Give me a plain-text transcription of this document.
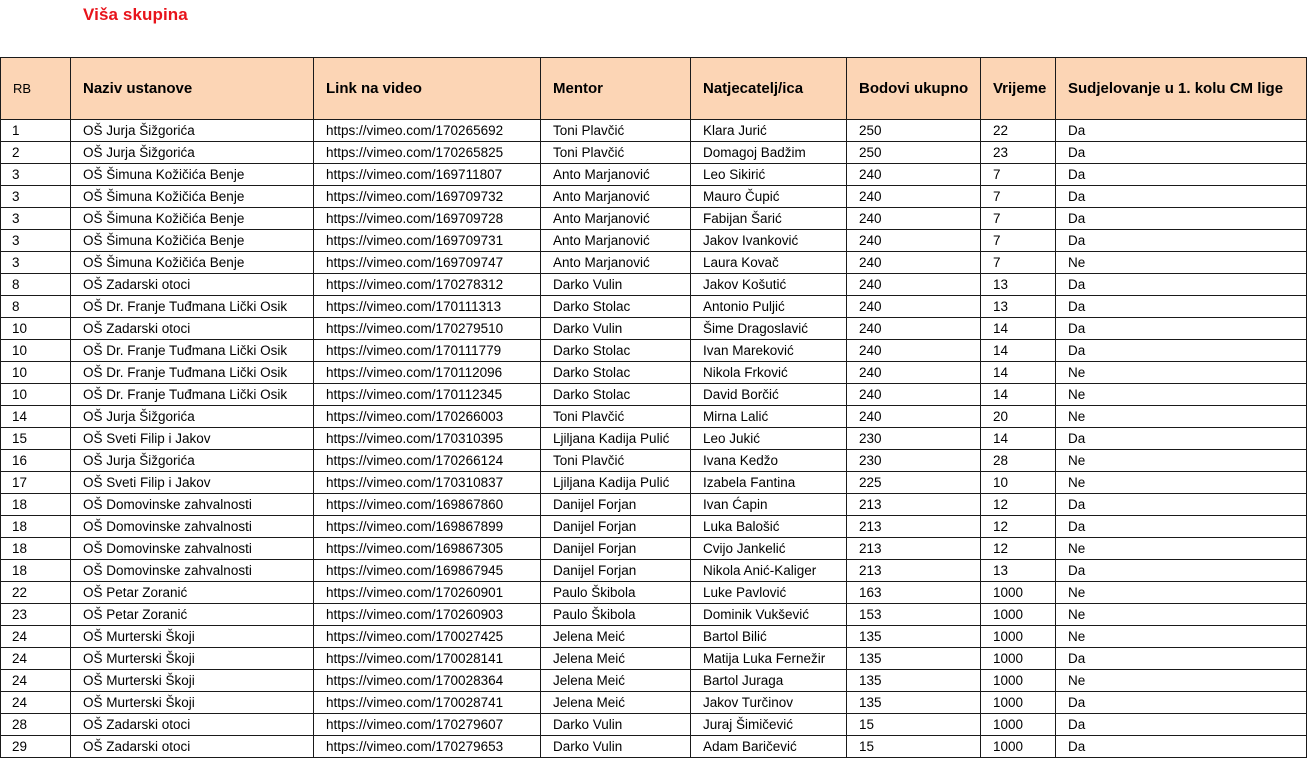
Viša skupina
RB	Naziv ustanove	Link na video	Mentor	Natjecatelj/ica	Bodovi ukupno	Vrijeme	Sudjelovanje u 1. kolu CM lige
1	OŠ Jurja Šižgorića	https://vimeo.com/170265692	Toni Plavčić	Klara Jurić	250	22	Da
2	OŠ Jurja Šižgorića	https://vimeo.com/170265825	Toni Plavčić	Domagoj Badžim	250	23	Da
3	OŠ Šimuna Kožičića Benje	https://vimeo.com/169711807	Anto Marjanović	Leo Sikirić	240	7	Da
3	OŠ Šimuna Kožičića Benje	https://vimeo.com/169709732	Anto Marjanović	Mauro Čupić	240	7	Da
3	OŠ Šimuna Kožičića Benje	https://vimeo.com/169709728	Anto Marjanović	Fabijan Šarić	240	7	Da
3	OŠ Šimuna Kožičića Benje	https://vimeo.com/169709731	Anto Marjanović	Jakov Ivanković	240	7	Da
3	OŠ Šimuna Kožičića Benje	https://vimeo.com/169709747	Anto Marjanović	Laura Kovač	240	7	Ne
8	OŠ Zadarski otoci	https://vimeo.com/170278312	Darko Vulin	Jakov Košutić	240	13	Da
8	OŠ Dr. Franje Tuđmana Lički Osik	https://vimeo.com/170111313	Darko Stolac	Antonio Puljić	240	13	Da
10	OŠ Zadarski otoci	https://vimeo.com/170279510	Darko Vulin	Šime Dragoslavić	240	14	Da
10	OŠ Dr. Franje Tuđmana Lički Osik	https://vimeo.com/170111779	Darko Stolac	Ivan Mareković	240	14	Da
10	OŠ Dr. Franje Tuđmana Lički Osik	https://vimeo.com/170112096	Darko Stolac	Nikola Frković	240	14	Ne
10	OŠ Dr. Franje Tuđmana Lički Osik	https://vimeo.com/170112345	Darko Stolac	David Borčić	240	14	Ne
14	OŠ Jurja Šižgorića	https://vimeo.com/170266003	Toni Plavčić	Mirna Lalić	240	20	Ne
15	OŠ Sveti Filip i Jakov	https://vimeo.com/170310395	Ljiljana Kadija Pulić	Leo Jukić	230	14	Da
16	OŠ Jurja Šižgorića	https://vimeo.com/170266124	Toni Plavčić	Ivana Kedžo	230	28	Ne
17	OŠ Sveti Filip i Jakov	https://vimeo.com/170310837	Ljiljana Kadija Pulić	Izabela Fantina	225	10	Ne
18	OŠ Domovinske zahvalnosti	https://vimeo.com/169867860	Danijel Forjan	Ivan Ćapin	213	12	Da
18	OŠ Domovinske zahvalnosti	https://vimeo.com/169867899	Danijel Forjan	Luka Balošić	213	12	Da
18	OŠ Domovinske zahvalnosti	https://vimeo.com/169867305	Danijel Forjan	Cvijo Jankelić	213	12	Ne
18	OŠ Domovinske zahvalnosti	https://vimeo.com/169867945	Danijel Forjan	Nikola Anić-Kaliger	213	13	Da
22	OŠ Petar Zoranić	https://vimeo.com/170260901	Paulo Škibola	Luke Pavlović	163	1000	Ne
23	OŠ Petar Zoranić	https://vimeo.com/170260903	Paulo Škibola	Dominik Vukšević	153	1000	Ne
24	OŠ Murterski Škoji	https://vimeo.com/170027425	Jelena Meić	Bartol Bilić	135	1000	Ne
24	OŠ Murterski Škoji	https://vimeo.com/170028141	Jelena Meić	Matija Luka Fernežir	135	1000	Da
24	OŠ Murterski Škoji	https://vimeo.com/170028364	Jelena Meić	Bartol Juraga	135	1000	Ne
24	OŠ Murterski Škoji	https://vimeo.com/170028741	Jelena Meić	Jakov Turčinov	135	1000	Da
28	OŠ Zadarski otoci	https://vimeo.com/170279607	Darko Vulin	Juraj Šimičević	15	1000	Da
29	OŠ Zadarski otoci	https://vimeo.com/170279653	Darko Vulin	Adam Baričević	15	1000	Da
